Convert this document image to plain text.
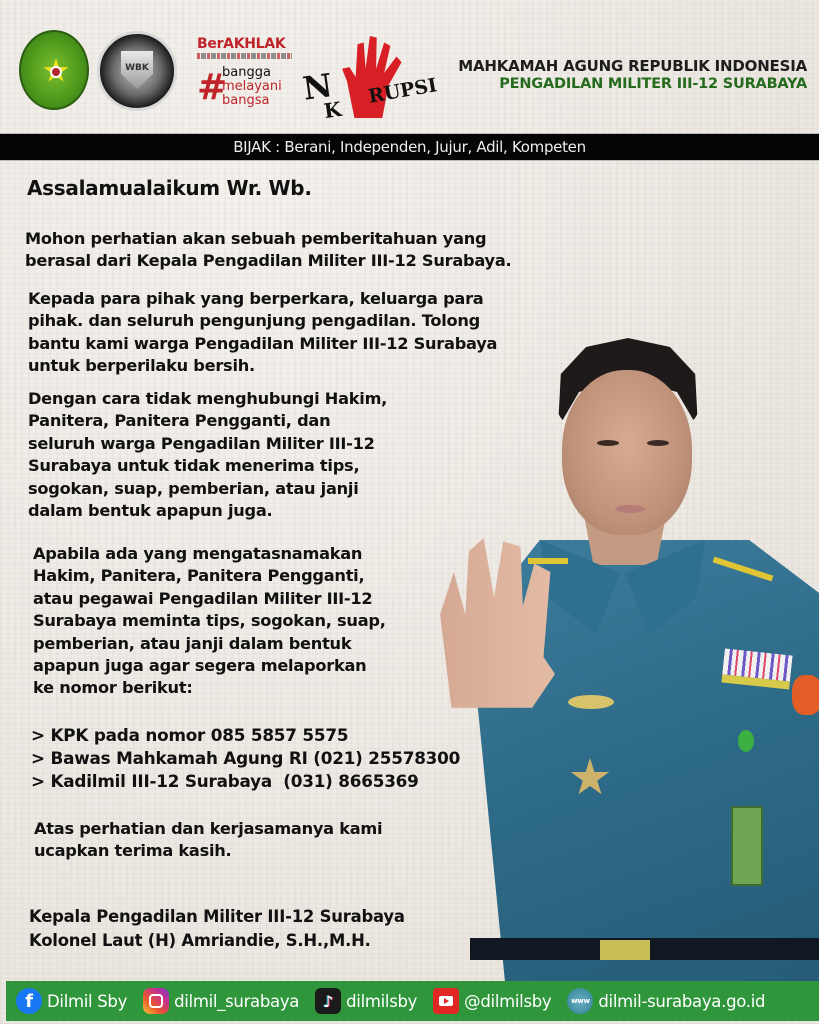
WBK
BerAKHLAK
#
bangga
melayani
bangsa N
K
RUPSI
MAHKAMAH AGUNG REPUBLIK INDONESIA
PENGADILAN MILITER III-12 SURABAYA
BIJAK : Berani, Independen, Jujur, Adil, Kompeten
Assalamualaikum Wr. Wb.
Mohon perhatian akan sebuah pemberitahuan yang
berasal dari Kepala Pengadilan Militer III-12 Surabaya.
Kepada para pihak yang berperkara, keluarga para
pihak. dan seluruh pengunjung pengadilan. Tolong
bantu kami warga Pengadilan Militer III-12 Surabaya
untuk berperilaku bersih.
Dengan cara tidak menghubungi Hakim,
Panitera, Panitera Pengganti, dan
seluruh warga Pengadilan Militer III-12
Surabaya untuk tidak menerima tips,
sogokan, suap, pemberian, atau janji
dalam bentuk apapun juga.
Apabila ada yang mengatasnamakan
Hakim, Panitera, Panitera Pengganti,
atau pegawai Pengadilan Militer III-12
Surabaya meminta tips, sogokan, suap,
pemberian, atau janji dalam bentuk
apapun juga agar segera melaporkan
ke nomor berikut:
> KPK pada nomor 085 5857 5575
> Bawas Mahkamah Agung RI (021) 25578300
> Kadilmil III-12 Surabaya  (031) 8665369
Atas perhatian dan kerjasamanya kami
ucapkan terima kasih.
Kepala Pengadilan Militer III-12 Surabaya
Kolonel Laut (H) Amriandie, S.H.,M.H.
f Dilmil Sby	dilmil_surabaya	♪ dilmilsby	@dilmilsby	www dilmil-surabaya.go.id
